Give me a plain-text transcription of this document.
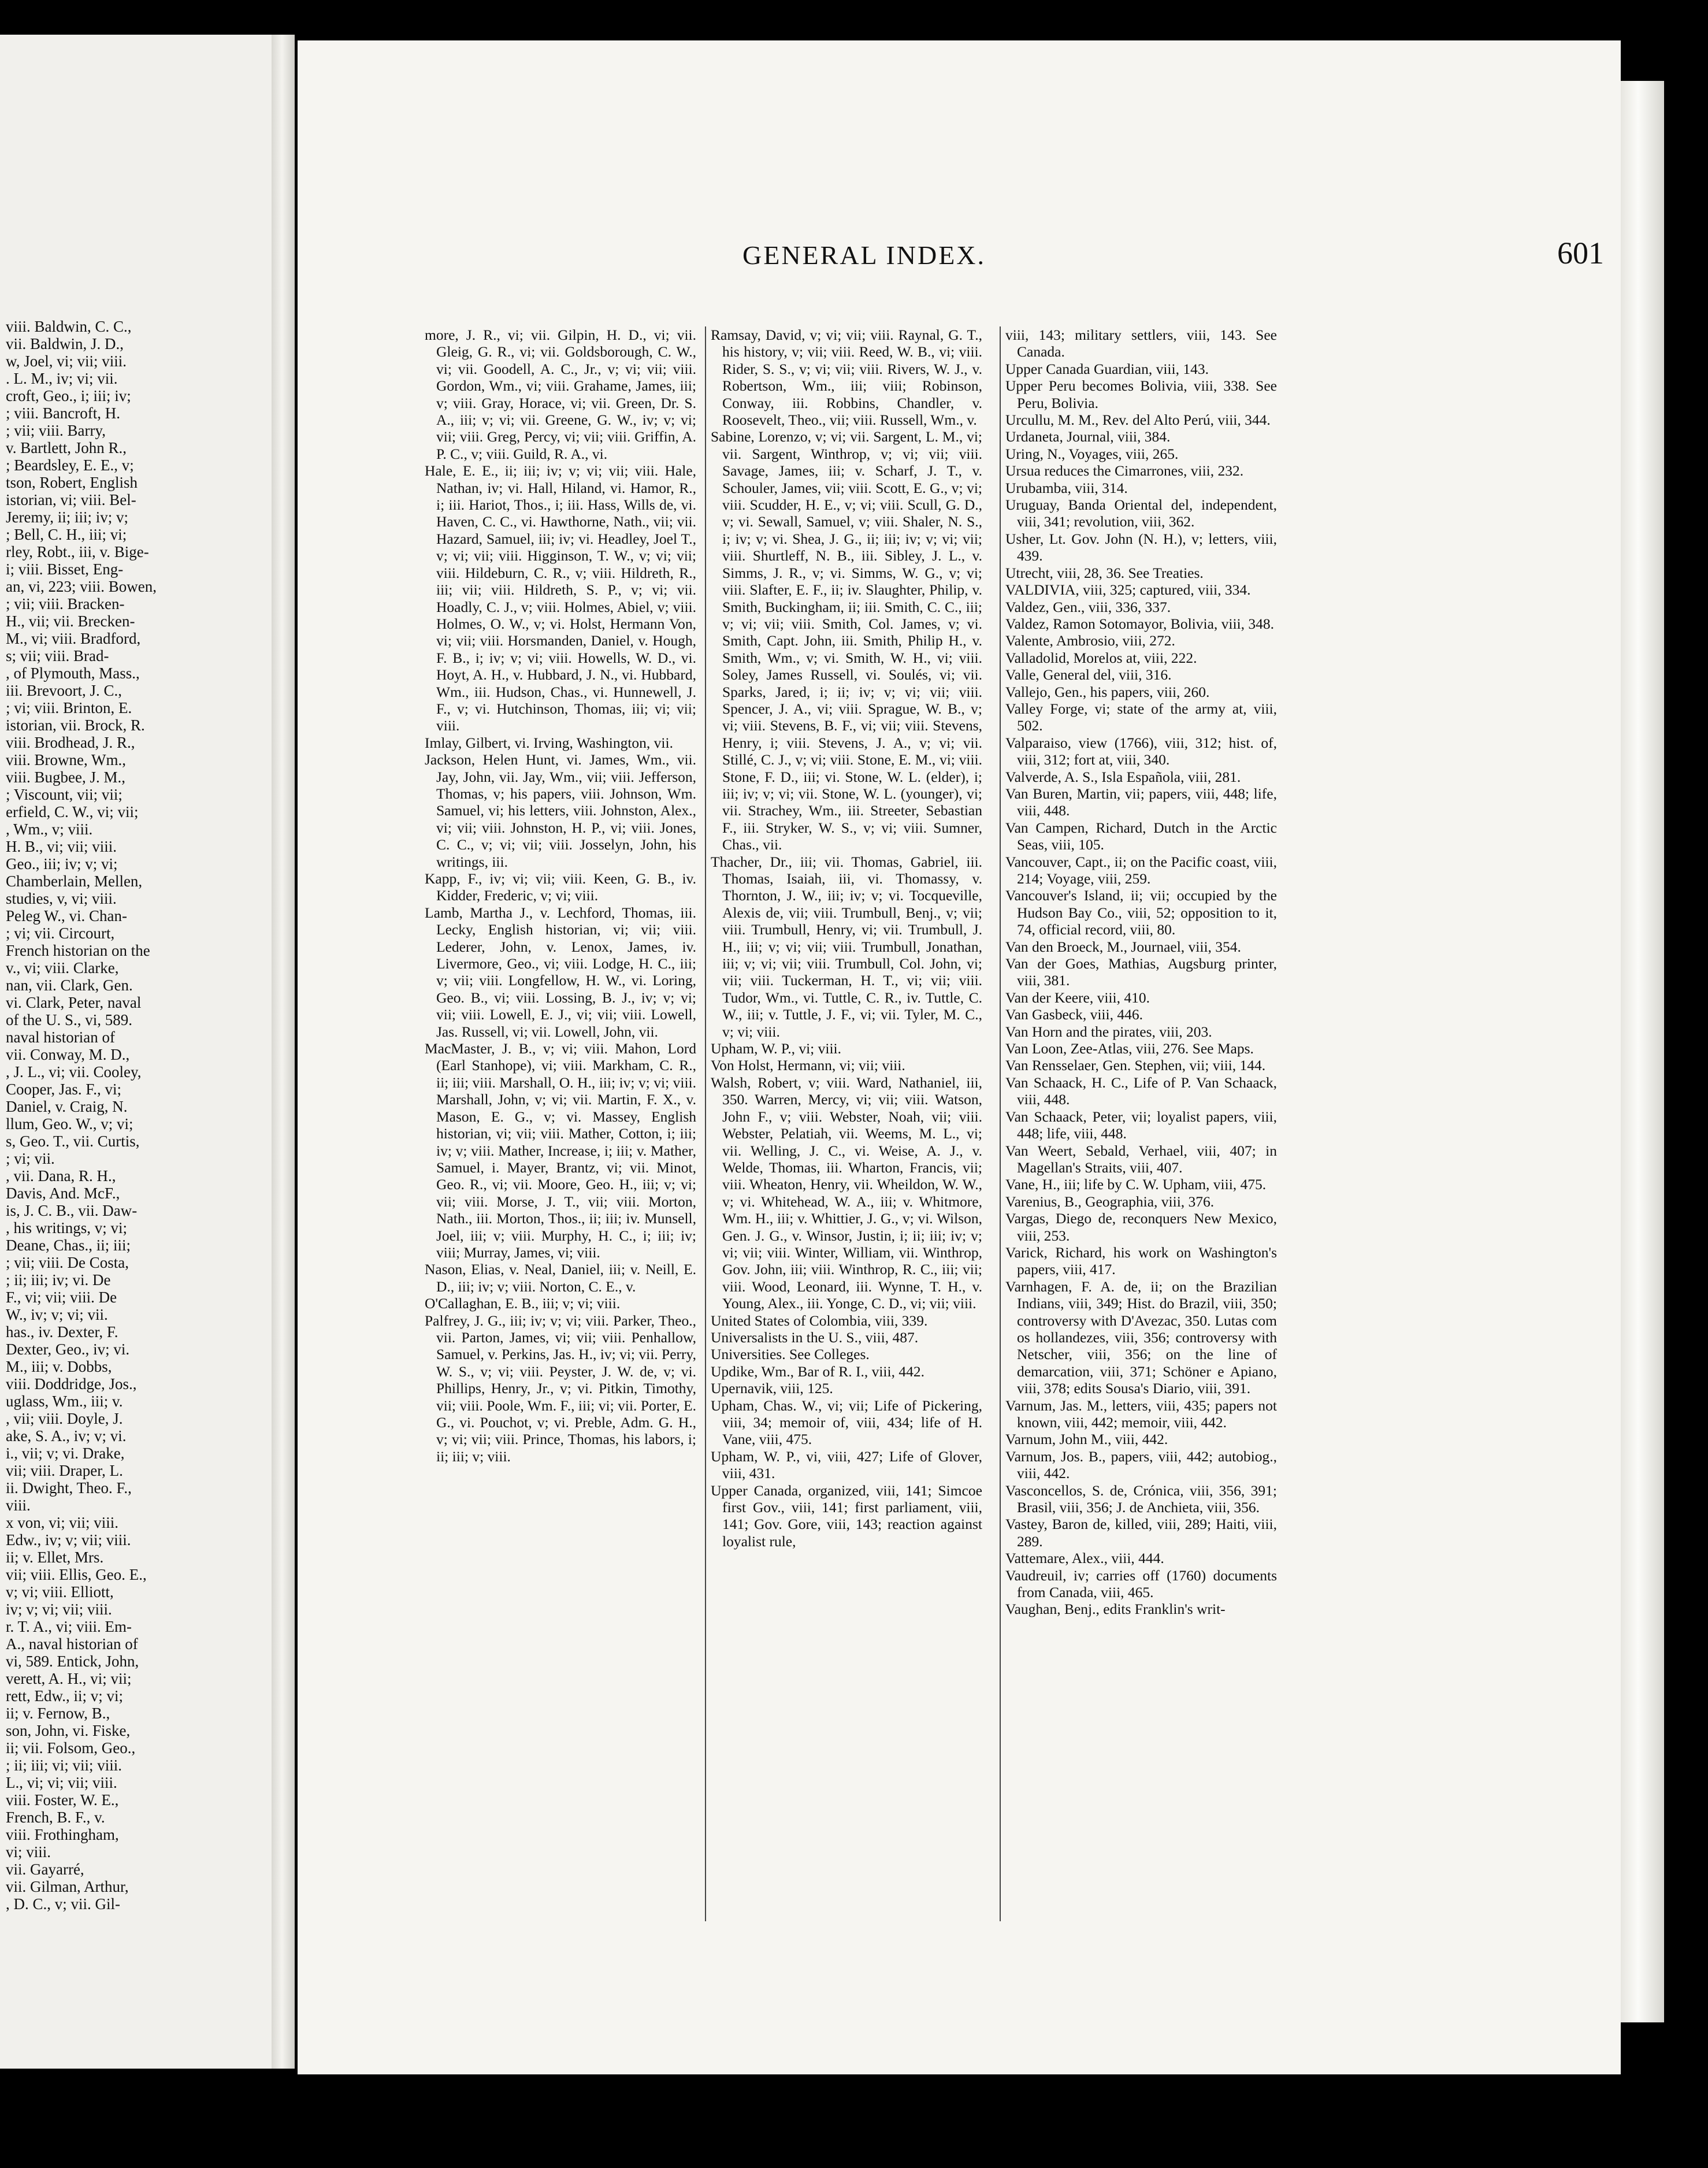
viii. Baldwin, C. C.,
vii. Baldwin, J. D.,
w, Joel, vi; vii; viii.
. L. M., iv; vi; vii.
croft, Geo., i; iii; iv;
; viii. Bancroft, H.
; vii; viii. Barry,
v. Bartlett, John R.,
; Beardsley, E. E., v;
tson, Robert, English
istorian, vi; viii. Bel-
Jeremy, ii; iii; iv; v;
; Bell, C. H., iii; vi;
rley, Robt., iii, v. Bige-
i; viii. Bisset, Eng-
an, vi, 223; viii. Bowen,
; vii; viii. Bracken-
H., vii; vii. Brecken-
M., vi; viii. Bradford,
s; vii; viii. Brad-
, of Plymouth, Mass.,
iii. Brevoort, J. C.,
; vi; viii. Brinton, E.
istorian, vii. Brock, R.
viii. Brodhead, J. R.,
viii. Browne, Wm.,
viii. Bugbee, J. M.,
; Viscount, vii; vii;
erfield, C. W., vi; vii;
, Wm., v; viii.
H. B., vi; vii; viii.
Geo., iii; iv; v; vi;
Chamberlain, Mellen,
studies, v, vi; viii.
Peleg W., vi. Chan-
; vi; vii. Circourt,
French historian on the
v., vi; viii. Clarke,
nan, vii. Clark, Gen.
vi. Clark, Peter, naval
of the U. S., vi, 589.
naval historian of
vii. Conway, M. D.,
, J. L., vi; vii. Cooley,
Cooper, Jas. F., vi;
Daniel, v. Craig, N.
llum, Geo. W., v; vi;
s, Geo. T., vii. Curtis,
; vi; vii.
, vii. Dana, R. H.,
Davis, And. McF.,
is, J. C. B., vii. Daw-
, his writings, v; vi;
Deane, Chas., ii; iii;
; vii; viii. De Costa,
; ii; iii; iv; vi. De
F., vi; vii; viii. De
W., iv; v; vi; vii.
has., iv. Dexter, F.
Dexter, Geo., iv; vi.
M., iii; v. Dobbs,
viii. Doddridge, Jos.,
uglass, Wm., iii; v.
, vii; viii. Doyle, J.
ake, S. A., iv; v; vi.
i., vii; v; vi. Drake,
vii; viii. Draper, L.
ii. Dwight, Theo. F.,
viii.
x von, vi; vii; viii.
Edw., iv; v; vii; viii.
ii; v. Ellet, Mrs.
vii; viii. Ellis, Geo. E.,
v; vi; viii. Elliott,
iv; v; vi; vii; viii.
r. T. A., vi; viii. Em-
A., naval historian of
vi, 589. Entick, John,
verett, A. H., vi; vii;
rett, Edw., ii; v; vi;
ii; v. Fernow, B.,
son, John, vi. Fiske,
ii; vii. Folsom, Geo.,
; ii; iii; vi; vii; viii.
L., vi; vi; vii; viii.
viii. Foster, W. E.,
French, B. F., v.
viii. Frothingham,
vi; viii.
vii. Gayarré,
vii. Gilman, Arthur,
, D. C., v; vii. Gil-
GENERAL INDEX.	601
more, J. R., vi; vii. Gilpin, H. D., vi; vii. Gleig, G. R., vi; vii. Goldsborough, C. W., vi; vii. Goodell, A. C., Jr., v; vi; vii; viii. Gordon, Wm., vi; viii. Grahame, James, iii; v; viii. Gray, Horace, vi; vii. Green, Dr. S. A., iii; v; vi; vii. Greene, G. W., iv; v; vi; vii; viii. Greg, Percy, vi; vii; viii. Griffin, A. P. C., v; viii. Guild, R. A., vi.
Hale, E. E., ii; iii; iv; v; vi; vii; viii. Hale, Nathan, iv; vi. Hall, Hiland, vi. Hamor, R., i; iii. Hariot, Thos., i; iii. Hass, Wills de, vi. Haven, C. C., vi. Hawthorne, Nath., vii; vii. Hazard, Samuel, iii; iv; vi. Headley, Joel T., v; vi; vii; viii. Higginson, T. W., v; vi; vii; viii. Hildeburn, C. R., v; viii. Hildreth, R., iii; vii; viii. Hildreth, S. P., v; vi; vii. Hoadly, C. J., v; viii. Holmes, Abiel, v; viii. Holmes, O. W., v; vi. Holst, Hermann Von, vi; vii; viii. Horsmanden, Daniel, v. Hough, F. B., i; iv; v; vi; viii. Howells, W. D., vi. Hoyt, A. H., v. Hubbard, J. N., vi. Hubbard, Wm., iii. Hudson, Chas., vi. Hunnewell, J. F., v; vi. Hutchinson, Thomas, iii; vi; vii; viii.
Imlay, Gilbert, vi. Irving, Washington, vii.
Jackson, Helen Hunt, vi. James, Wm., vii. Jay, John, vii. Jay, Wm., vii; viii. Jefferson, Thomas, v; his papers, viii. Johnson, Wm. Samuel, vi; his letters, viii. Johnston, Alex., vi; vii; viii. Johnston, H. P., vi; viii. Jones, C. C., v; vi; vii; viii. Josselyn, John, his writings, iii.
Kapp, F., iv; vi; vii; viii. Keen, G. B., iv. Kidder, Frederic, v; vi; viii.
Lamb, Martha J., v. Lechford, Thomas, iii. Lecky, English historian, vi; vii; viii. Lederer, John, v. Lenox, James, iv. Livermore, Geo., vi; viii. Lodge, H. C., iii; v; vii; viii. Longfellow, H. W., vi. Loring, Geo. B., vi; viii. Lossing, B. J., iv; v; vi; vii; viii. Lowell, E. J., vi; vii; viii. Lowell, Jas. Russell, vi; vii. Lowell, John, vii.
MacMaster, J. B., v; vi; viii. Mahon, Lord (Earl Stanhope), vi; viii. Markham, C. R., ii; iii; viii. Marshall, O. H., iii; iv; v; vi; viii. Marshall, John, v; vi; vii. Martin, F. X., v. Mason, E. G., v; vi. Massey, English historian, vi; vii; viii. Mather, Cotton, i; iii; iv; v; viii. Mather, Increase, i; iii; v. Mather, Samuel, i. Mayer, Brantz, vi; vii. Minot, Geo. R., vi; vii. Moore, Geo. H., iii; v; vi; vii; viii. Morse, J. T., vii; viii. Morton, Nath., iii. Morton, Thos., ii; iii; iv. Munsell, Joel, iii; v; viii. Murphy, H. C., i; iii; iv; viii; Murray, James, vi; viii.
Nason, Elias, v. Neal, Daniel, iii; v. Neill, E. D., iii; iv; v; viii. Norton, C. E., v.
O'Callaghan, E. B., iii; v; vi; viii.
Palfrey, J. G., iii; iv; v; vi; viii. Parker, Theo., vii. Parton, James, vi; vii; viii. Penhallow, Samuel, v. Perkins, Jas. H., iv; vi; vii. Perry, W. S., v; vi; viii. Peyster, J. W. de, v; vi. Phillips, Henry, Jr., v; vi. Pitkin, Timothy, vii; viii. Poole, Wm. F., iii; vi; vii. Porter, E. G., vi. Pouchot, v; vi. Preble, Adm. G. H., v; vi; vii; viii. Prince, Thomas, his labors, i; ii; iii; v; viii.
Ramsay, David, v; vi; vii; viii. Raynal, G. T., his history, v; vii; viii. Reed, W. B., vi; viii. Rider, S. S., v; vi; vii; viii. Rivers, W. J., v. Robertson, Wm., iii; viii; Robinson, Conway, iii. Robbins, Chandler, v. Roosevelt, Theo., vii; viii. Russell, Wm., v.
Sabine, Lorenzo, v; vi; vii. Sargent, L. M., vi; vii. Sargent, Winthrop, v; vi; vii; viii. Savage, James, iii; v. Scharf, J. T., v. Schouler, James, vii; viii. Scott, E. G., v; vi; viii. Scudder, H. E., v; vi; viii. Scull, G. D., v; vi. Sewall, Samuel, v; viii. Shaler, N. S., i; iv; v; vi. Shea, J. G., ii; iii; iv; v; vi; vii; viii. Shurtleff, N. B., iii. Sibley, J. L., v. Simms, J. R., v; vi. Simms, W. G., v; vi; viii. Slafter, E. F., ii; iv. Slaughter, Philip, v. Smith, Buckingham, ii; iii. Smith, C. C., iii; v; vi; vii; viii. Smith, Col. James, v; vi. Smith, Capt. John, iii. Smith, Philip H., v. Smith, Wm., v; vi. Smith, W. H., vi; viii. Soley, James Russell, vi. Soulés, vi; vii. Sparks, Jared, i; ii; iv; v; vi; vii; viii. Spencer, J. A., vi; viii. Sprague, W. B., v; vi; viii. Stevens, B. F., vi; vii; viii. Stevens, Henry, i; viii. Stevens, J. A., v; vi; vii. Stillé, C. J., v; vi; viii. Stone, E. M., vi; viii. Stone, F. D., iii; vi. Stone, W. L. (elder), i; iii; iv; v; vi; vii. Stone, W. L. (younger), vi; vii. Strachey, Wm., iii. Streeter, Sebastian F., iii. Stryker, W. S., v; vi; viii. Sumner, Chas., vii.
Thacher, Dr., iii; vii. Thomas, Gabriel, iii. Thomas, Isaiah, iii, vi. Thomassy, v. Thornton, J. W., iii; iv; v; vi. Tocqueville, Alexis de, vii; viii. Trumbull, Benj., v; vii; viii. Trumbull, Henry, vi; vii. Trumbull, J. H., iii; v; vi; vii; viii. Trumbull, Jonathan, iii; v; vi; vii; viii. Trumbull, Col. John, vi; vii; viii. Tuckerman, H. T., vi; vii; viii. Tudor, Wm., vi. Tuttle, C. R., iv. Tuttle, C. W., iii; v. Tuttle, J. F., vi; vii. Tyler, M. C., v; vi; viii.
Upham, W. P., vi; viii.
Von Holst, Hermann, vi; vii; viii.
Walsh, Robert, v; viii. Ward, Nathaniel, iii, 350. Warren, Mercy, vi; vii; viii. Watson, John F., v; viii. Webster, Noah, vii; viii. Webster, Pelatiah, vii. Weems, M. L., vi; vii. Welling, J. C., vi. Weise, A. J., v. Welde, Thomas, iii. Wharton, Francis, vii; viii. Wheaton, Henry, vii. Wheildon, W. W., v; vi. Whitehead, W. A., iii; v. Whitmore, Wm. H., iii; v. Whittier, J. G., v; vi. Wilson, Gen. J. G., v. Winsor, Justin, i; ii; iii; iv; v; vi; vii; viii. Winter, William, vii. Winthrop, Gov. John, iii; viii. Winthrop, R. C., iii; vii; viii. Wood, Leonard, iii. Wynne, T. H., v. Young, Alex., iii. Yonge, C. D., vi; vii; viii.
United States of Colombia, viii, 339.
Universalists in the U. S., viii, 487.
Universities. See Colleges.
Updike, Wm., Bar of R. I., viii, 442.
Upernavik, viii, 125.
Upham, Chas. W., vi; vii; Life of Pickering, viii, 34; memoir of, viii, 434; life of H. Vane, viii, 475.
Upham, W. P., vi, viii, 427; Life of Glover, viii, 431.
Upper Canada, organized, viii, 141; Simcoe first Gov., viii, 141; first parliament, viii, 141; Gov. Gore, viii, 143; reaction against loyalist rule,
viii, 143; military settlers, viii, 143. See Canada.
Upper Canada Guardian, viii, 143.
Upper Peru becomes Bolivia, viii, 338. See Peru, Bolivia.
Urcullu, M. M., Rev. del Alto Perú, viii, 344.
Urdaneta, Journal, viii, 384.
Uring, N., Voyages, viii, 265.
Ursua reduces the Cimarrones, viii, 232.
Urubamba, viii, 314.
Uruguay, Banda Oriental del, independent, viii, 341; revolution, viii, 362.
Usher, Lt. Gov. John (N. H.), v; letters, viii, 439.
Utrecht, viii, 28, 36. See Treaties.
VALDIVIA, viii, 325; captured, viii, 334.
Valdez, Gen., viii, 336, 337.
Valdez, Ramon Sotomayor, Bolivia, viii, 348.
Valente, Ambrosio, viii, 272.
Valladolid, Morelos at, viii, 222.
Valle, General del, viii, 316.
Vallejo, Gen., his papers, viii, 260.
Valley Forge, vi; state of the army at, viii, 502.
Valparaiso, view (1766), viii, 312; hist. of, viii, 312; fort at, viii, 340.
Valverde, A. S., Isla Española, viii, 281.
Van Buren, Martin, vii; papers, viii, 448; life, viii, 448.
Van Campen, Richard, Dutch in the Arctic Seas, viii, 105.
Vancouver, Capt., ii; on the Pacific coast, viii, 214; Voyage, viii, 259.
Vancouver's Island, ii; vii; occupied by the Hudson Bay Co., viii, 52; opposition to it, 74, official record, viii, 80.
Van den Broeck, M., Journael, viii, 354.
Van der Goes, Mathias, Augsburg printer, viii, 381.
Van der Keere, viii, 410.
Van Gasbeck, viii, 446.
Van Horn and the pirates, viii, 203.
Van Loon, Zee-Atlas, viii, 276. See Maps.
Van Rensselaer, Gen. Stephen, vii; viii, 144.
Van Schaack, H. C., Life of P. Van Schaack, viii, 448.
Van Schaack, Peter, vii; loyalist papers, viii, 448; life, viii, 448.
Van Weert, Sebald, Verhael, viii, 407; in Magellan's Straits, viii, 407.
Vane, H., iii; life by C. W. Upham, viii, 475.
Varenius, B., Geographia, viii, 376.
Vargas, Diego de, reconquers New Mexico, viii, 253.
Varick, Richard, his work on Washington's papers, viii, 417.
Varnhagen, F. A. de, ii; on the Brazilian Indians, viii, 349; Hist. do Brazil, viii, 350; controversy with D'Avezac, 350. Lutas com os hollandezes, viii, 356; controversy with Netscher, viii, 356; on the line of demarcation, viii, 371; Schöner e Apiano, viii, 378; edits Sousa's Diario, viii, 391.
Varnum, Jas. M., letters, viii, 435; papers not known, viii, 442; memoir, viii, 442.
Varnum, John M., viii, 442.
Varnum, Jos. B., papers, viii, 442; autobiog., viii, 442.
Vasconcellos, S. de, Crónica, viii, 356, 391; Brasil, viii, 356; J. de Anchieta, viii, 356.
Vastey, Baron de, killed, viii, 289; Haiti, viii, 289.
Vattemare, Alex., viii, 444.
Vaudreuil, iv; carries off (1760) documents from Canada, viii, 465.
Vaughan, Benj., edits Franklin's writ-
